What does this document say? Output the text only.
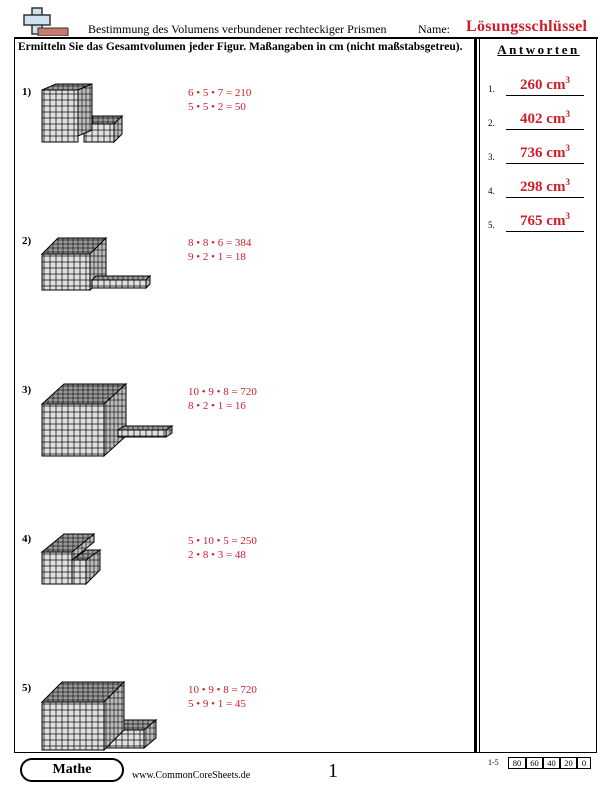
Bestimmung des Volumens verbundener rechteckiger Prismen	Name: Lösungsschlüssel
Ermitteln Sie das Gesamtvolumen jeder Figur. Maßangaben in cm (nicht maßstabsgetreu).	Antworten
1.	260 $cm^3$
2.	402 $cm^3$
3.	736 $cm^3$
4.	298 $cm^3$
5.	765 $cm^3$
1)	6 • 5 • 7 = 210
5 • 5 • 2 = 50
2)	8 • 8 • 6 = 384
9 • 2 • 1 = 18
3)	10 • 9 • 8 = 720
8 • 2 • 1 = 16
4)	5 • 10 • 5 = 250
2 • 8 • 3 = 48
5)	10 • 9 • 8 = 720
5 • 9 • 1 = 45
Mathe	www.CommonCoreSheets.de	1	1-5	80	60	40	20	0
